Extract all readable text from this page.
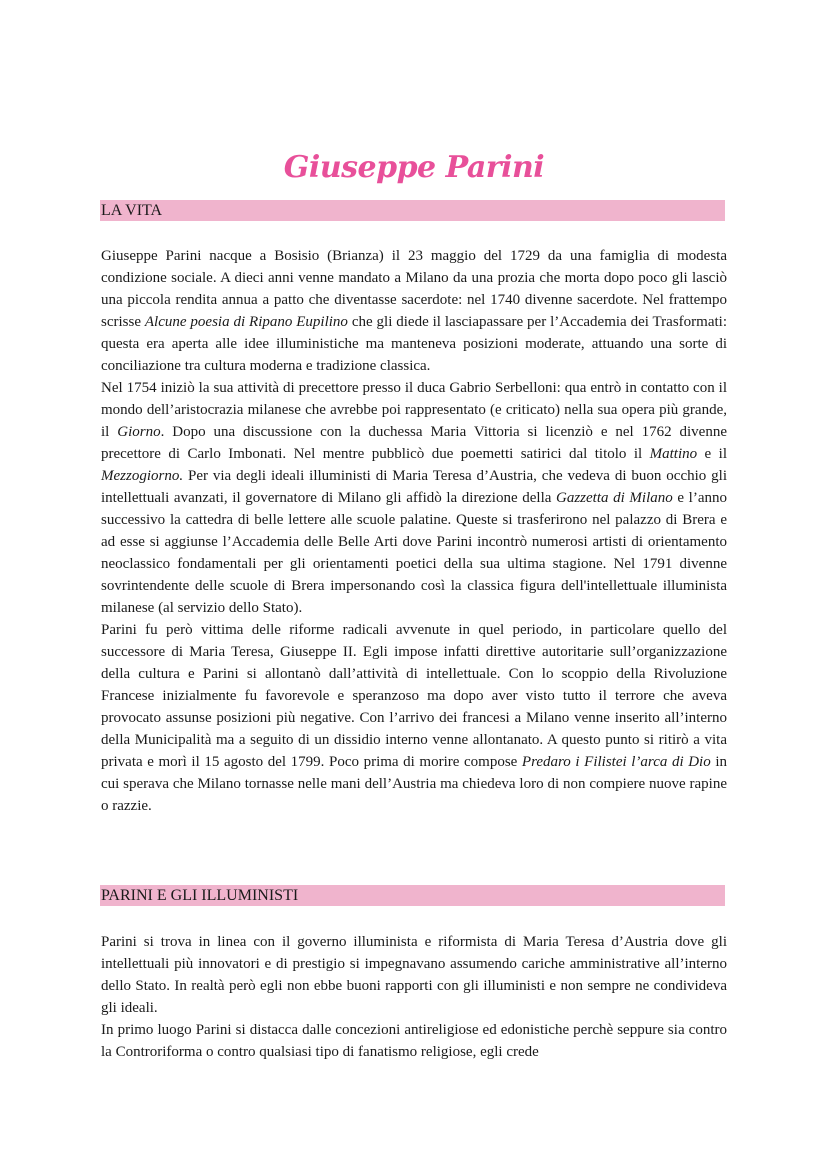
Giuseppe Parini
LA VITA

Giuseppe Parini nacque a Bosisio (Brianza) il 23 maggio del 1729 da una famiglia di modesta condizione sociale. A dieci anni venne mandato a Milano da una prozia che morta dopo poco gli lasciò una piccola rendita annua a patto che diventasse sacerdote: nel 1740 divenne sacerdote. Nel frattempo scrisse Alcune poesia di Ripano Eupilino che gli diede il lasciapassare per l’Accademia dei Trasformati: questa era aperta alle idee illuministiche ma manteneva posizioni moderate, attuando una sorte di conciliazione tra cultura moderna e tradizione classica.

Nel 1754 iniziò la sua attività di precettore presso il duca Gabrio Serbelloni: qua entrò in contatto con il mondo dell’aristocrazia milanese che avrebbe poi rappresentato (e criticato) nella sua opera più grande, il Giorno. Dopo una discussione con la duchessa Maria Vittoria si licenziò e nel 1762 divenne precettore di Carlo Imbonati. Nel mentre pubblicò due poemetti satirici dal titolo il Mattino e il Mezzogiorno. Per via degli ideali illuministi di Maria Teresa d’Austria, che vedeva di buon occhio gli intellettuali avanzati, il governatore di Milano gli affidò la direzione della Gazzetta di Milano e l’anno successivo la cattedra di belle lettere alle scuole palatine. Queste si trasferirono nel palazzo di Brera e ad esse si aggiunse l’Accademia delle Belle Arti dove Parini incontrò numerosi artisti di orientamento neoclassico fondamentali per gli orientamenti poetici della sua ultima stagione. Nel 1791 divenne sovrintendente delle scuole di Brera impersonando così la classica figura dell'intellettuale illuminista milanese (al servizio dello Stato).

Parini fu però vittima delle riforme radicali avvenute in quel periodo, in particolare quello del successore di Maria Teresa, Giuseppe II. Egli impose infatti direttive autoritarie sull’organizzazione della cultura e Parini si allontanò dall’attività di intellettuale. Con lo scoppio della Rivoluzione Francese inizialmente fu favorevole e speranzoso ma dopo aver visto tutto il terrore che aveva provocato assunse posizioni più negative. Con l’arrivo dei francesi a Milano venne inserito all’interno della Municipalità ma a seguito di un dissidio interno venne allontanato. A questo punto si ritirò a vita privata e morì il 15 agosto del 1799. Poco prima di morire compose Predaro i Filistei l’arca di Dio in cui sperava che Milano tornasse nelle mani dell’Austria ma chiedeva loro di non compiere nuove rapine o razzie.

PARINI E GLI ILLUMINISTI

Parini si trova in linea con il governo illuminista e riformista di Maria Teresa d’Austria dove gli intellettuali più innovatori e di prestigio si impegnavano assumendo cariche amministrative all’interno dello Stato. In realtà però egli non ebbe buoni rapporti con gli illuministi e non sempre ne condivideva gli ideali.

In primo luogo Parini si distacca dalle concezioni antireligiose ed edonistiche perchè seppure sia contro la Controriforma o contro qualsiasi tipo di fanatismo religiose, egli crede
